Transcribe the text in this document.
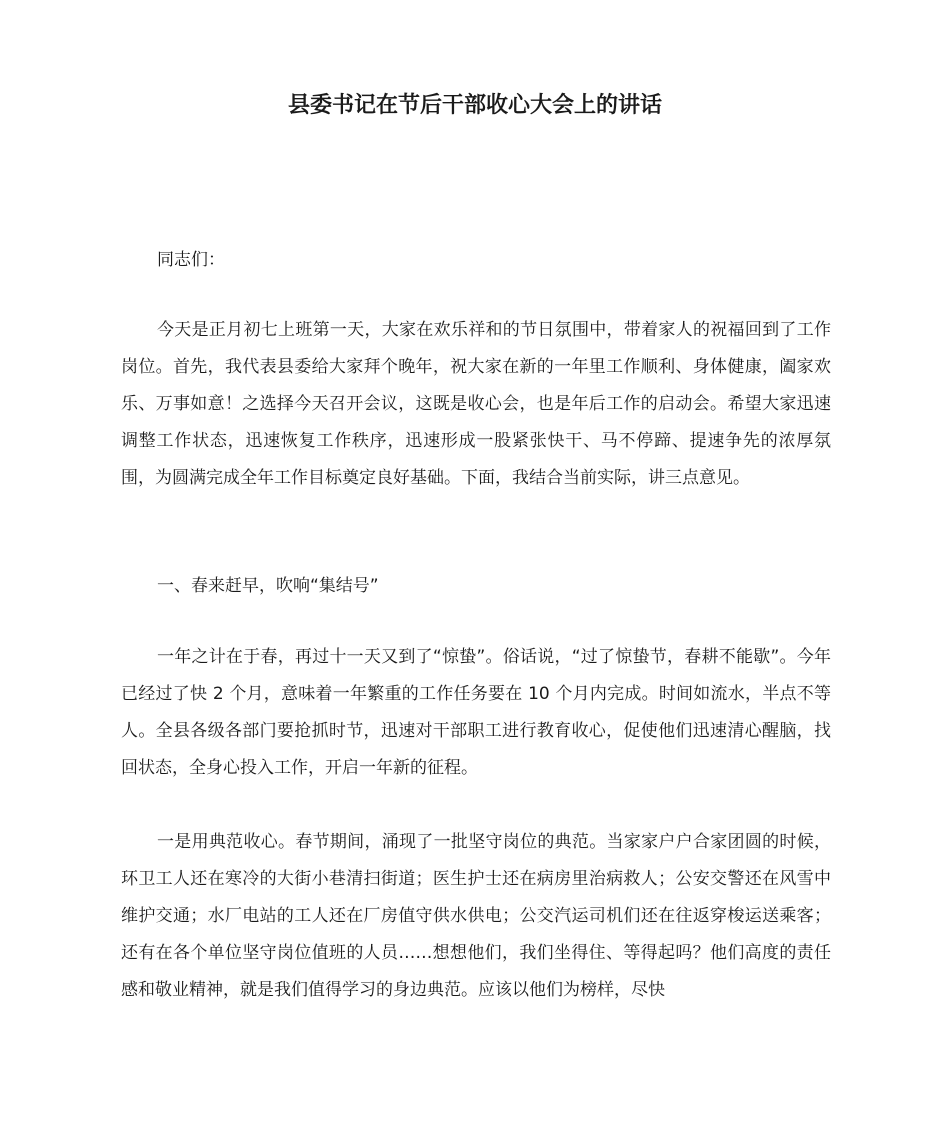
县委书记在节后干部收心大会上的讲话

同志们：

今天是正月初七上班第一天，大家在欢乐祥和的节日氛围中，带着家人的祝福回到了工作岗位。首先，我代表县委给大家拜个晚年，祝大家在新的一年里工作顺利、身体健康，阖家欢乐、万事如意！之选择今天召开会议，这既是收心会，也是年后工作的启动会。希望大家迅速调整工作状态，迅速恢复工作秩序，迅速形成一股紧张快干、马不停蹄、提速争先的浓厚氛围，为圆满完成全年工作目标奠定良好基础。下面，我结合当前实际，讲三点意见。

一、春来赶早，吹响“集结号”

一年之计在于春，再过十一天又到了“惊蛰”。俗话说，“过了惊蛰节，春耕不能歇”。今年已经过了快 2 个月，意味着一年繁重的工作任务要在 10 个月内完成。时间如流水，半点不等人。全县各级各部门要抢抓时节，迅速对干部职工进行教育收心，促使他们迅速清心醒脑，找回状态，全身心投入工作，开启一年新的征程。

一是用典范收心。春节期间，涌现了一批坚守岗位的典范。当家家户户合家团圆的时候，环卫工人还在寒冷的大街小巷清扫街道；医生护士还在病房里治病救人；公安交警还在风雪中维护交通；水厂电站的工人还在厂房值守供水供电；公交汽运司机们还在往返穿梭运送乘客；还有在各个单位坚守岗位值班的人员……想想他们，我们坐得住、等得起吗？他们高度的责任感和敬业精神，就是我们值得学习的身边典范。应该以他们为榜样，尽快
